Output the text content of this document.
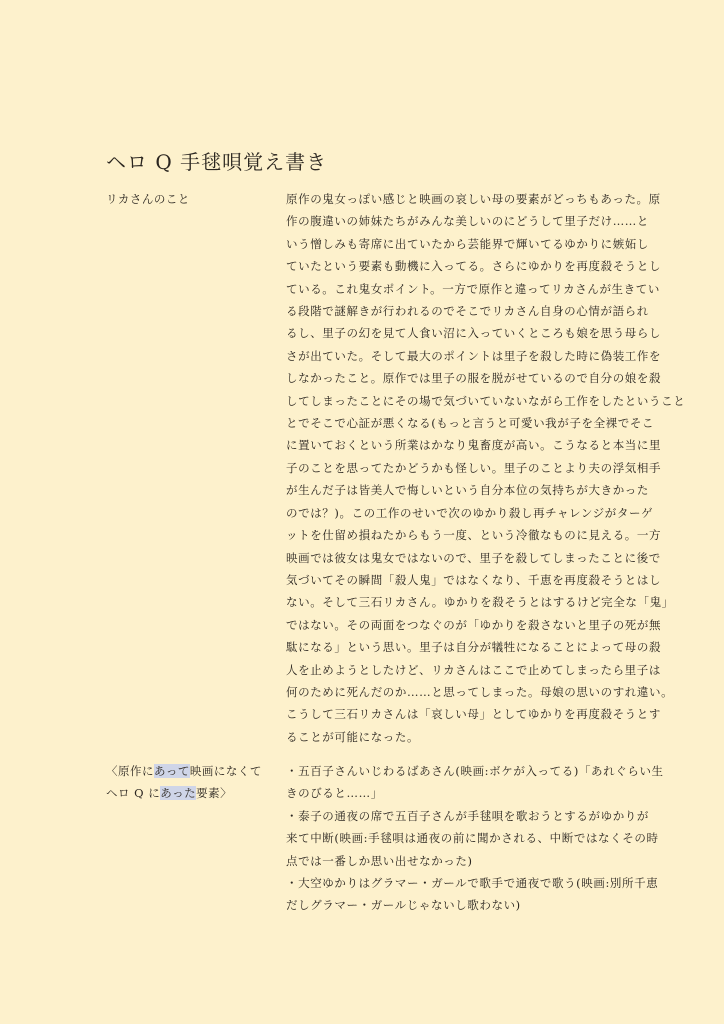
ヘロ Q 手毬唄覚え書き
リカさんのこと	原作の鬼女っぽい感じと映画の哀しい母の要素がどっちもあった。原
作の腹違いの姉妹たちがみんな美しいのにどうして里子だけ……と
いう憎しみも寄席に出ていたから芸能界で輝いてるゆかりに嫉妬し
ていたという要素も動機に入ってる。さらにゆかりを再度殺そうとし
ている。これ鬼女ポイント。一方で原作と違ってリカさんが生きてい
る段階で謎解きが行われるのでそこでリカさん自身の心情が語られ
るし、里子の幻を見て人食い沼に入っていくところも娘を思う母らし
さが出ていた。そして最大のポイントは里子を殺した時に偽装工作を
しなかったこと。原作では里子の服を脱がせているので自分の娘を殺
してしまったことにその場で気づいていないながら工作をしたということ
とでそこで心証が悪くなる(もっと言うと可愛い我が子を全裸でそこ
に置いておくという所業はかなり鬼畜度が高い。こうなると本当に里
子のことを思ってたかどうかも怪しい。里子のことより夫の浮気相手
が生んだ子は皆美人で悔しいという自分本位の気持ちが大きかった
のでは？)。この工作のせいで次のゆかり殺し再チャレンジがターゲ
ットを仕留め損ねたからもう一度、という冷徹なものに見える。一方
映画では彼女は鬼女ではないので、里子を殺してしまったことに後で
気づいてその瞬間「殺人鬼」ではなくなり、千恵を再度殺そうとはし
ない。そして三石リカさん。ゆかりを殺そうとはするけど完全な「鬼」
ではない。その両面をつなぐのが「ゆかりを殺さないと里子の死が無
駄になる」という思い。里子は自分が犠牲になることによって母の殺
人を止めようとしたけど、リカさんはここで止めてしまったら里子は
何のために死んだのか……と思ってしまった。母娘の思いのすれ違い。
こうして三石リカさんは「哀しい母」としてゆかりを再度殺そうとす
ることが可能になった。
〈原作にあって映画になくて
ヘロ Q にあった要素〉
・五百子さんいじわるばあさん(映画:ボケが入ってる)「あれぐらい生
きのびると……」
・泰子の通夜の席で五百子さんが手毬唄を歌おうとするがゆかりが
来て中断(映画:手毬唄は通夜の前に聞かされる、中断ではなくその時
点では一番しか思い出せなかった)
・大空ゆかりはグラマー・ガールで歌手で通夜で歌う(映画:別所千恵
だしグラマー・ガールじゃないし歌わない)
